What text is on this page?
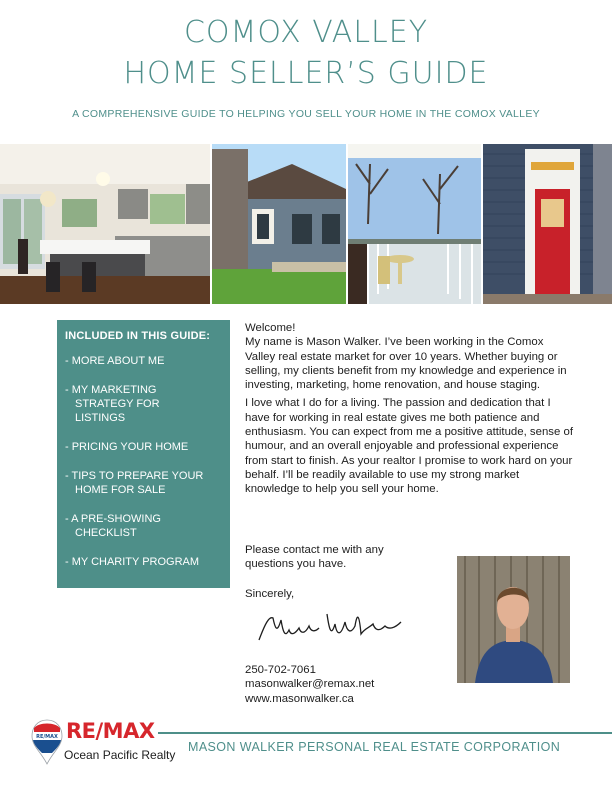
COMOX VALLEY
HOME SELLER’S GUIDE
A COMPREHENSIVE GUIDE TO HELPING YOU SELL YOUR HOME IN THE COMOX VALLEY
INCLUDED IN THIS GUIDE:
- MORE ABOUT ME
- MY MARKETING STRATEGY FOR LISTINGS
- PRICING YOUR HOME
- TIPS TO PREPARE YOUR HOME FOR SALE
- A PRE-SHOWING CHECKLIST
- MY CHARITY PROGRAM

Welcome!

My name is Mason Walker. I’ve been working in the Comox Valley real estate market for over 10 years. Whether buying or selling, my clients benefit from my knowledge and experience in investing, marketing, home renovation, and house staging.

I love what I do for a living. The passion and dedication that I have for working in real estate gives me both patience and enthusiasm. You can expect from me a positive attitude, sense of humour, and an overall enjoyable and professional experience from start to finish. As your realtor I promise to work hard on your behalf. I’ll be readily available to use my strong market knowledge to help you sell your home.

Please contact me with any questions you have.
Sincerely,
250-702-7061
masonwalker@remax.net
www.masonwalker.ca
RE/MAX RE/MAX
Ocean Pacific Realty
MASON WALKER PERSONAL REAL ESTATE CORPORATION
